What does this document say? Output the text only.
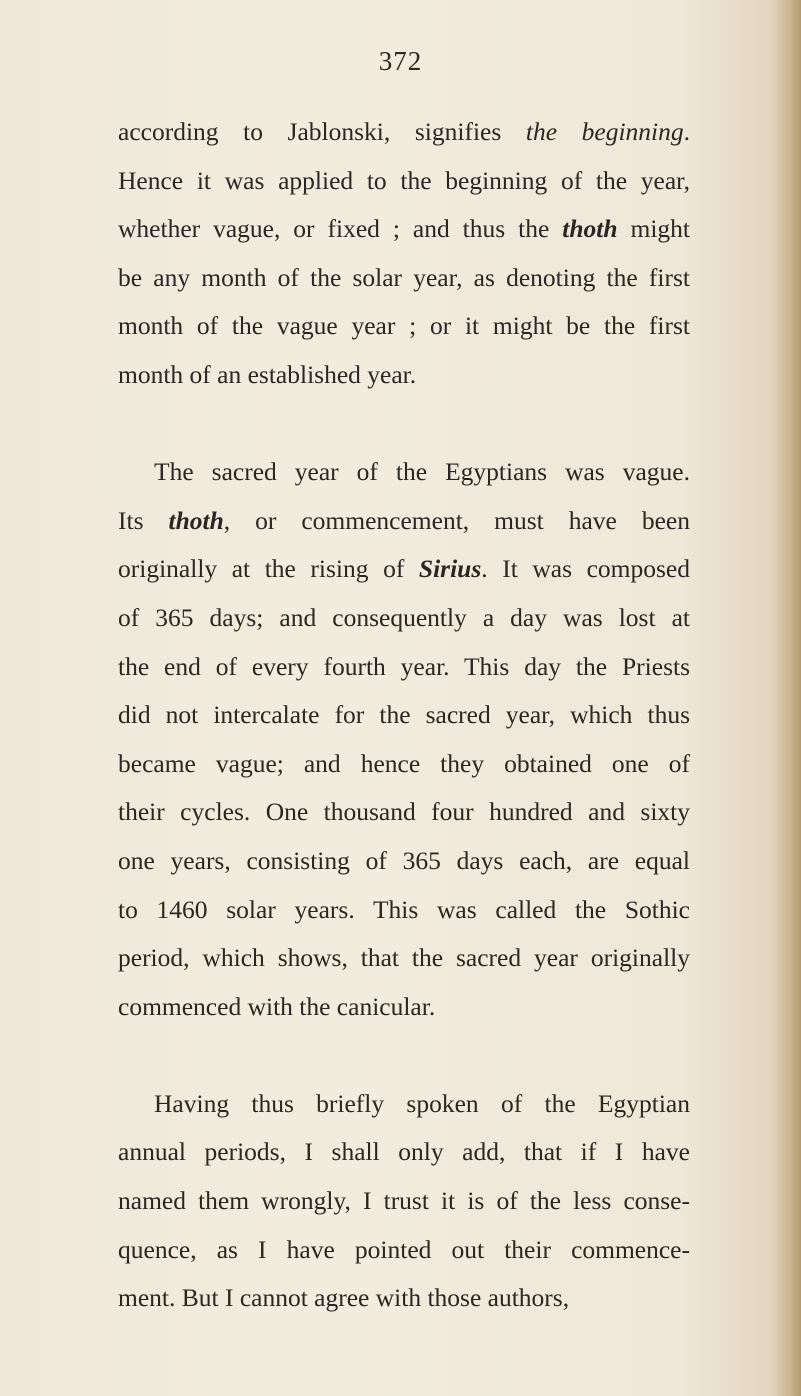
372
according to Jablonski, signifies the beginning.
Hence it was applied to the beginning of the year,
whether vague, or fixed ; and thus the thoth might
be any month of the solar year, as denoting the first
month of the vague year ; or it might be the first
month of an established year.
The sacred year of the Egyptians was vague.
Its thoth, or commencement, must have been
originally at the rising of Sirius. It was composed
of 365 days; and consequently a day was lost at
the end of every fourth year. This day the Priests
did not intercalate for the sacred year, which thus
became vague; and hence they obtained one of
their cycles. One thousand four hundred and sixty
one years, consisting of 365 days each, are equal
to 1460 solar years. This was called the Sothic
period, which shows, that the sacred year originally
commenced with the canicular.
Having thus briefly spoken of the Egyptian
annual periods, I shall only add, that if I have
named them wrongly, I trust it is of the less conse-
quence, as I have pointed out their commence-
ment. But I cannot agree with those authors,
